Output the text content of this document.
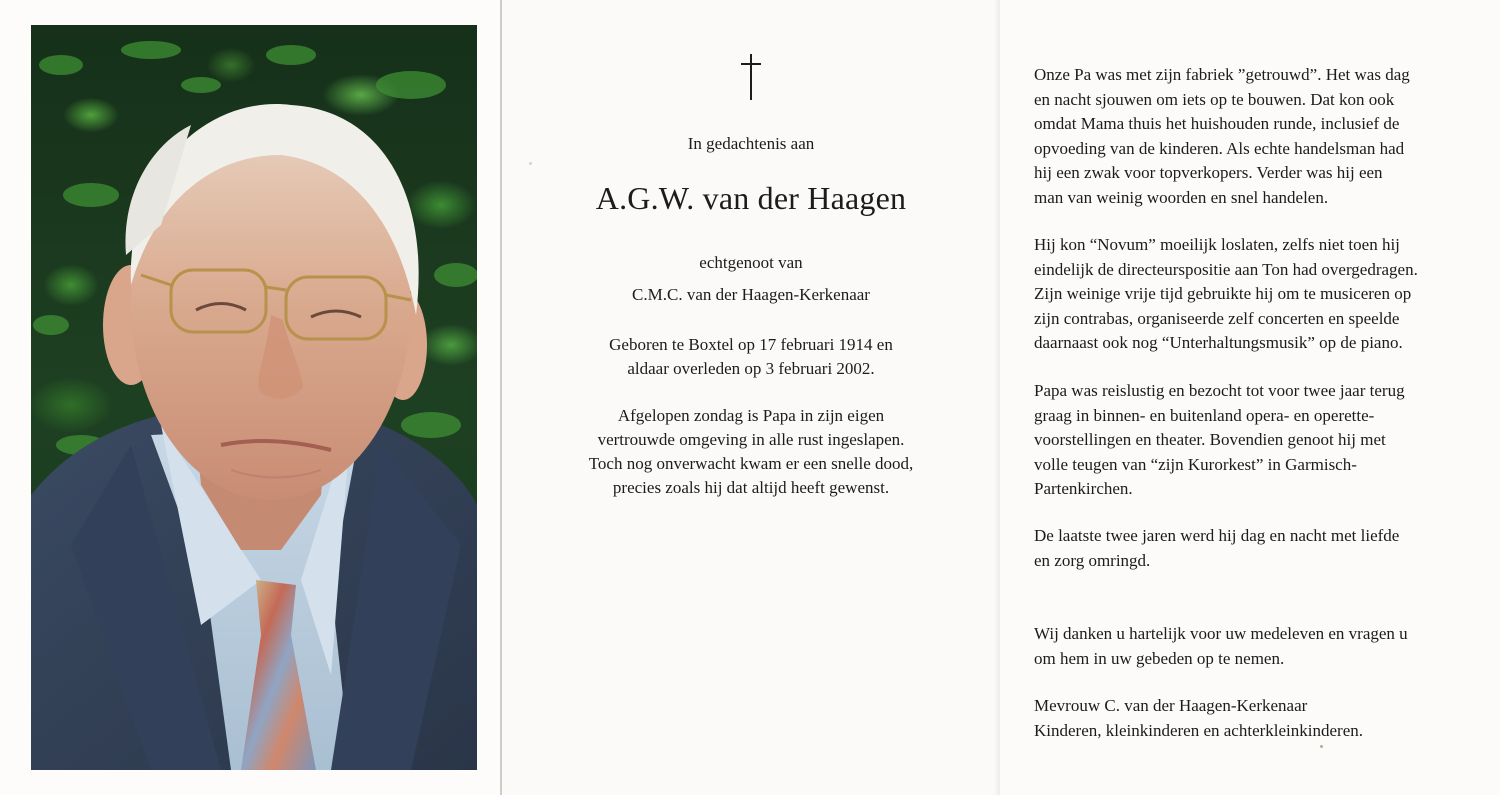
In gedachtenis aan
A.G.W. van der Haagen
echtgenoot van
C.M.C. van der Haagen-Kerkenaar
Geboren te Boxtel op 17 februari 1914 en
aldaar overleden op 3 februari 2002.
Afgelopen zondag is Papa in zijn eigen
vertrouwde omgeving in alle rust ingeslapen.
Toch nog onverwacht kwam er een snelle dood,
precies zoals hij dat altijd heeft gewenst.
Onze Pa was met zijn fabriek ”getrouwd”. Het was dag
en nacht sjouwen om iets op te bouwen. Dat kon ook
omdat Mama thuis het huishouden runde, inclusief de
opvoeding van de kinderen. Als echte handelsman had
hij een zwak voor topverkopers. Verder was hij een
man van weinig woorden en snel handelen.
Hij kon “Novum” moeilijk loslaten, zelfs niet toen hij
eindelijk de directeurspositie aan Ton had overgedragen.
Zijn weinige vrije tijd gebruikte hij om te musiceren op
zijn contrabas, organiseerde zelf concerten en speelde
daarnaast ook nog “Unterhaltungsmusik” op de piano.
Papa was reislustig en bezocht tot voor twee jaar terug
graag in binnen- en buitenland opera- en operette-
voorstellingen en theater. Bovendien genoot hij met
volle teugen van “zijn Kurorkest” in Garmisch-
Partenkirchen.
De laatste twee jaren werd hij dag en nacht met liefde
en zorg omringd.
Wij danken u hartelijk voor uw medeleven en vragen u
om hem in uw gebeden op te nemen.
Mevrouw C. van der Haagen-Kerkenaar
Kinderen, kleinkinderen en achterkleinkinderen.
